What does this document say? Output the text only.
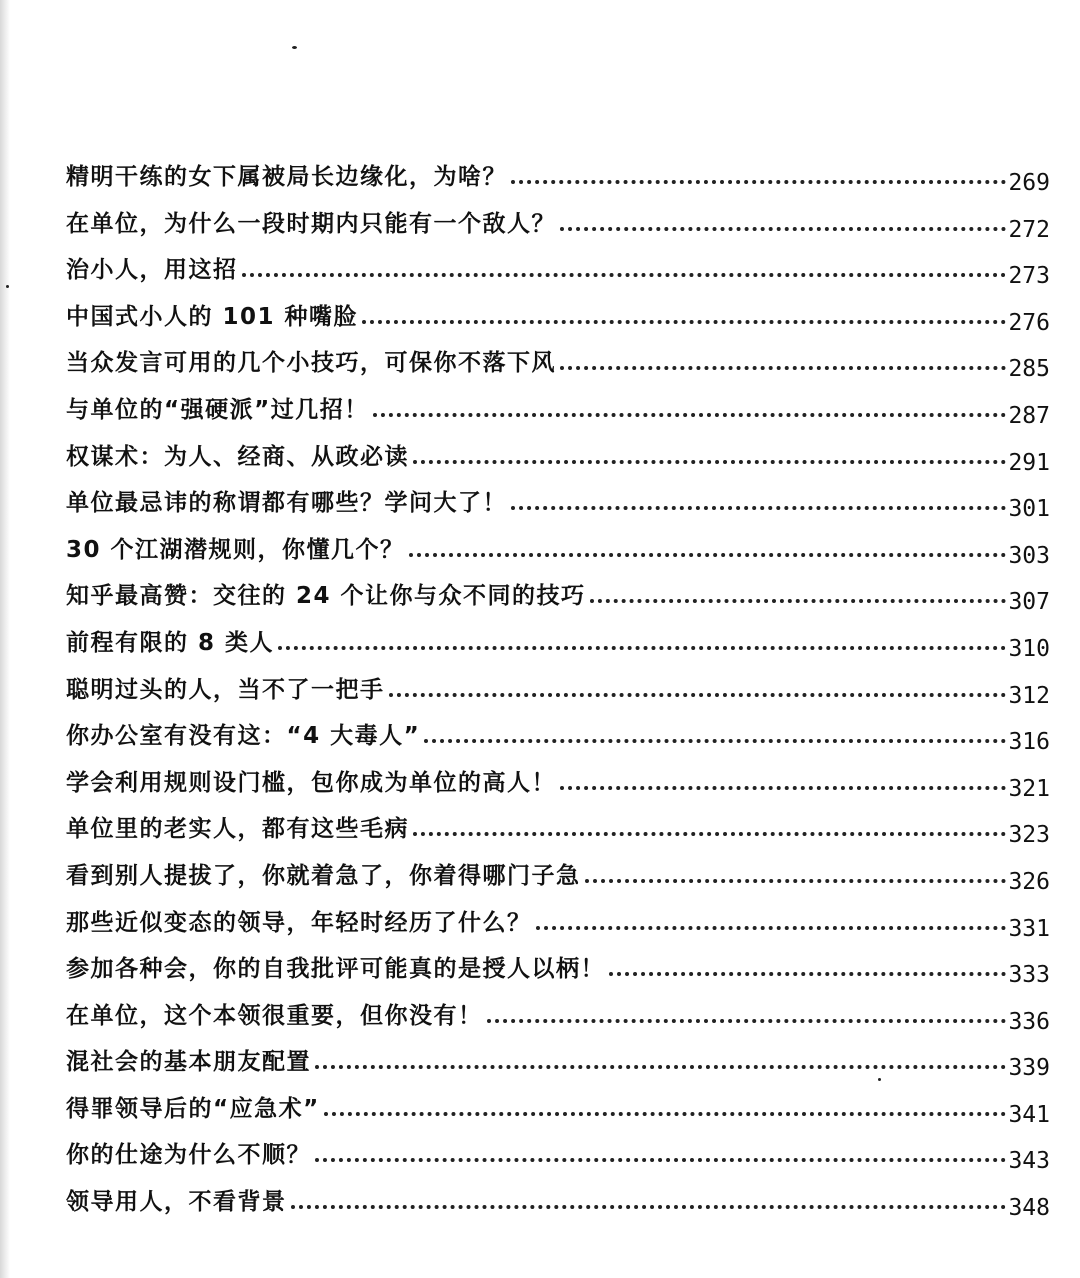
精明干练的女下属被局长边缘化，为啥？	269
在单位，为什么一段时期内只能有一个敌人？	272
治小人，用这招	273
中国式小人的 101 种嘴脸	276
当众发言可用的几个小技巧，可保你不落下风	285
与单位的“强硬派”过几招！	287
权谋术：为人、经商、从政必读	291
单位最忌讳的称谓都有哪些？学问大了！	301
30 个江湖潜规则，你懂几个？	303
知乎最高赞：交往的 24 个让你与众不同的技巧	307
前程有限的 8 类人	310
聪明过头的人，当不了一把手	312
你办公室有没有这：“4 大毒人”	316
学会利用规则设门槛，包你成为单位的高人！	321
单位里的老实人，都有这些毛病	323
看到别人提拔了，你就着急了，你着得哪门子急	326
那些近似变态的领导，年轻时经历了什么？	331
参加各种会，你的自我批评可能真的是授人以柄！	333
在单位，这个本领很重要，但你没有！	336
混社会的基本朋友配置	339
得罪领导后的“应急术”	341
你的仕途为什么不顺？	343
领导用人，不看背景	348
